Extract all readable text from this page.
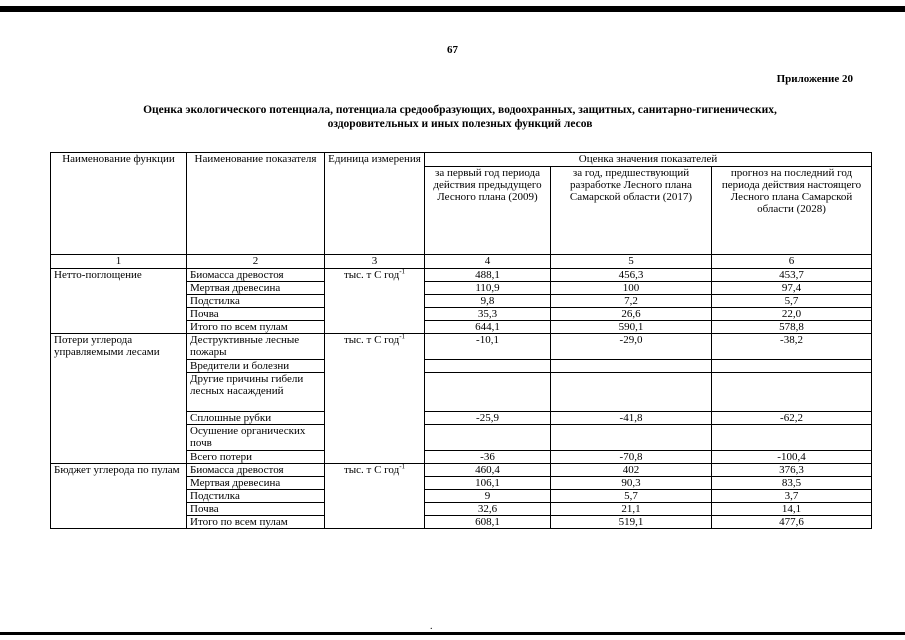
67
Приложение 20
Оценка экологического потенциала, потенциала средообразующих, водоохранных, защитных, санитарно-гигиенических,
оздоровительных и иных полезных функций лесов
Наименование функции	Наименование показателя	Единица измерения	Оценка значения показателей		
			за первый год периода действия предыдущего Лесного плана (2009)	за год, предшествующий разработке Лесного плана Самарской области (2017)	прогноз на последний год периода действия настоящего Лесного плана Самарской области (2028)
1	2	3	4	5	6
Нетто-поглощение	Биомасса древостоя	тыс. т С год$^{-1}$	488,1	456,3	453,7
	Мертвая древесина		110,9	100	97,4
	Подстилка		9,8	7,2	5,7
	Почва		35,3	26,6	22,0
	Итого по всем пулам		644,1	590,1	578,8
Потери углерода управляемыми лесами	Деструктивные лесные пожары	тыс. т С год$^{-1}$	-10,1	-29,0	-38,2
	Вредители и болезни				
	Другие причины гибели лесных насаждений				
	Сплошные рубки		-25,9	-41,8	-62,2
	Осушение органических почв				
	Всего потери		-36	-70,8	-100,4
Бюджет углерода по пулам	Биомасса древостоя	тыс. т С год$^{-1}$	460,4	402	376,3
	Мертвая древесина		106,1	90,3	83,5
	Подстилка		9	5,7	3,7
	Почва		32,6	21,1	14,1
	Итого по всем пулам		608,1	519,1	477,6
.
